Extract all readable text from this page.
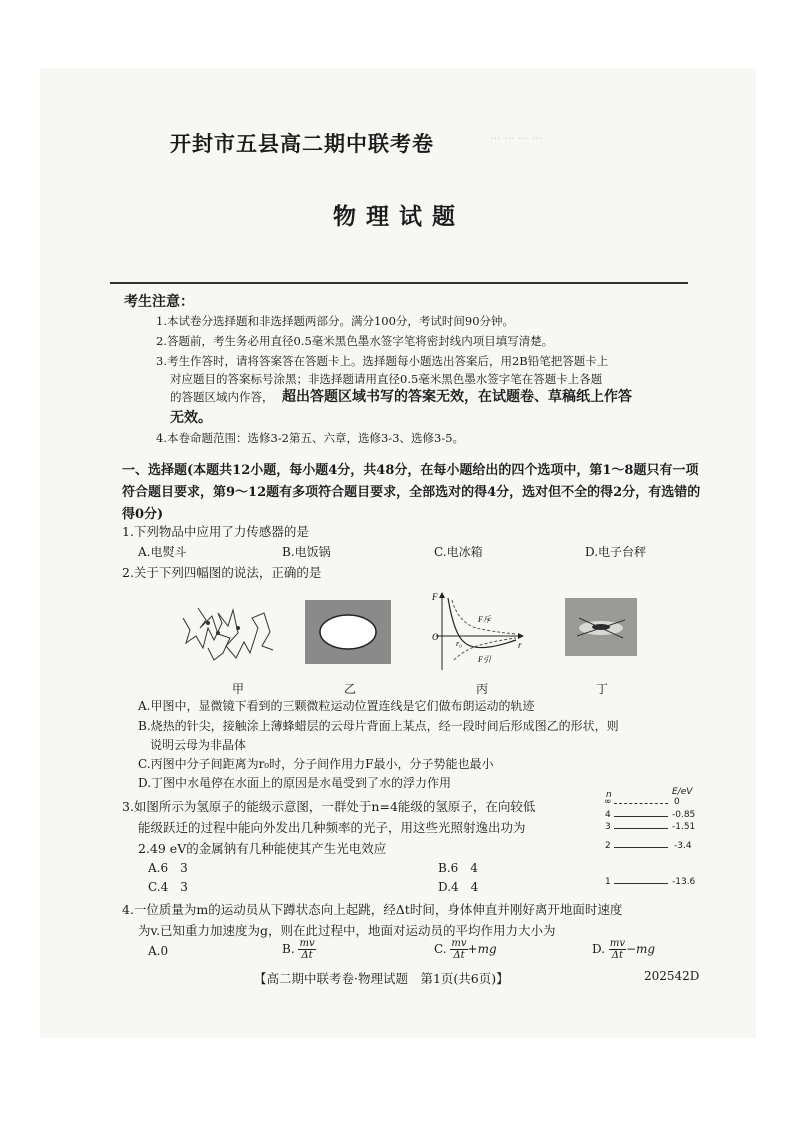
··· ··· ··· ···
开封市五县高二期中联考卷
物理试题
考生注意：
1.本试卷分选择题和非选择题两部分。满分100分，考试时间90分钟。
2.答题前，考生务必用直径0.5毫米黑色墨水签字笔将密封线内项目填写清楚。
3.考生作答时，请将答案答在答题卡上。选择题每小题选出答案后，用2B铅笔把答题卡上
对应题目的答案标号涂黑；非选择题请用直径0.5毫米黑色墨水签字笔在答题卡上各题
的答题区域内作答， 超出答题区域书写的答案无效，在试题卷、草稿纸上作答
无效。
4.本卷命题范围：选修3-2第五、六章，选修3-3、选修3-5。
一、选择题(本题共12小题，每小题4分，共48分，在每小题给出的四个选项中，第1～8题只有一项符合题目要求，第9～12题有多项符合题目要求，全部选对的得4分，选对但不全的得2分，有选错的得0分)
1.下列物品中应用了力传感器的是
A.电熨斗	B.电饭锅	C.电冰箱	D.电子台秤
2.关于下列四幅图的说法，正确的是
F
O
r₀	r
F斥
F引
甲	乙	丙	丁
A.甲图中，显微镜下看到的三颗微粒运动位置连线是它们做布朗运动的轨迹
B.烧热的针尖，接触涂上薄蜂蜡层的云母片背面上某点，经一段时间后形成图乙的形状，则
说明云母为非晶体
C.丙图中分子间距离为r₀时，分子间作用力F最小，分子势能也最小
D.丁图中水黾停在水面上的原因是水黾受到了水的浮力作用
3.如图所示为氢原子的能级示意图，一群处于n=4能级的氢原子，在向较低
能级跃迁的过程中能向外发出几种频率的光子，用这些光照射逸出功为
2.49 eV的金属钠有几种能使其产生光电效应
A.6　3	B.6　4
C.4　3	D.4　4
n	E/eV
∞	0
4	-0.85
3	-1.51
2	-3.4
1	-13.6
4.一位质量为m的运动员从下蹲状态向上起跳，经Δt时间，身体伸直并刚好离开地面时速度
为v.已知重力加速度为g，则在此过程中，地面对运动员的平均作用力大小为
A.0	B. $\frac{mv}{\Delta t}$	C. $\frac{mv}{\Delta t} +mg$	D. $\frac{mv}{\Delta t} -mg$
【高二期中联考卷·物理试题　第1页(共6页)】	202542D
